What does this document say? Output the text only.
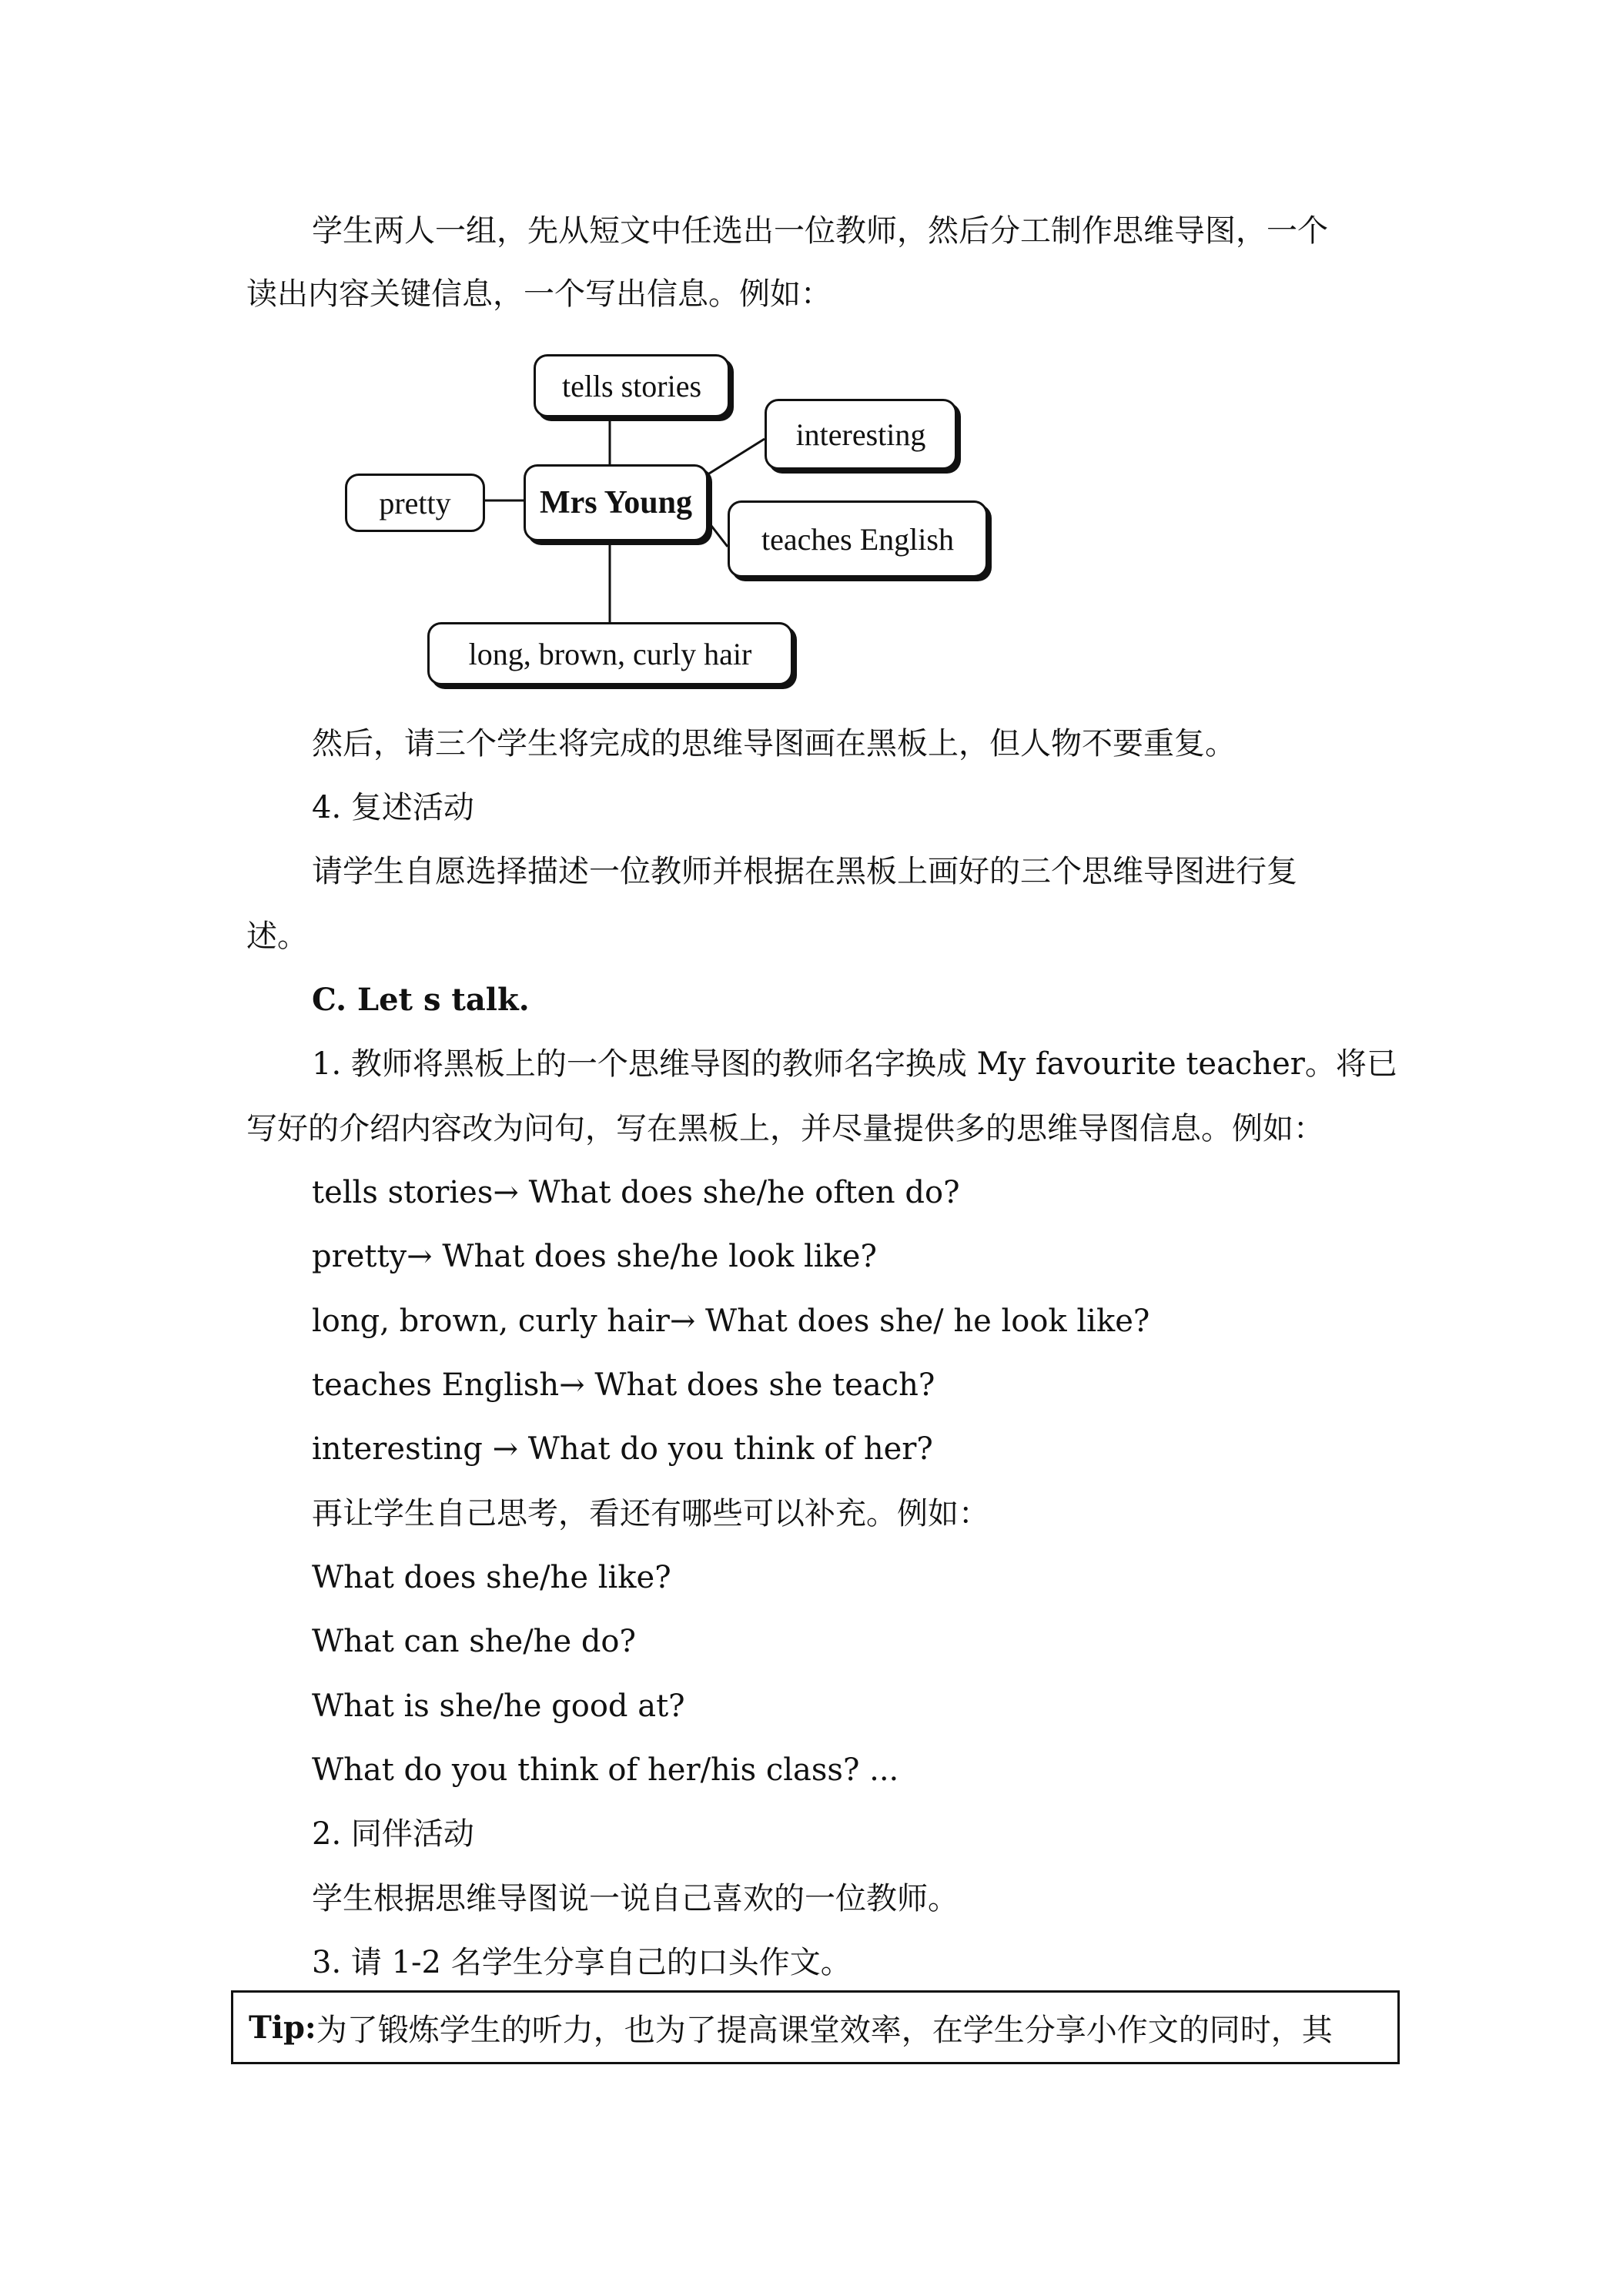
学生两人一组，先从短文中任选出一位教师，然后分工制作思维导图，一个
读出内容关键信息，一个写出信息。例如：
tells stories
interesting
pretty	Mrs Young
teaches English
long, brown, curly hair
然后，请三个学生将完成的思维导图画在黑板上，但人物不要重复。
4. 复述活动
请学生自愿选择描述一位教师并根据在黑板上画好的三个思维导图进行复
述。
C. Let s talk.
1. 教师将黑板上的一个思维导图的教师名字换成 My favourite teacher。将已
写好的介绍内容改为问句，写在黑板上，并尽量提供多的思维导图信息。例如：
tells stories→ What does she/he often do?
pretty→ What does she/he look like?
long, brown, curly hair→ What does she/ he look like?
teaches English→ What does she teach?
interesting → What do you think of her?
再让学生自己思考，看还有哪些可以补充。例如：
What does she/he like?
What can she/he do?
What is she/he good at?
What do you think of her/his class? ...
2. 同伴活动
学生根据思维导图说一说自己喜欢的一位教师。
3. 请 1-2 名学生分享自己的口头作文。
Tip: 为了锻炼学生的听力，也为了提高课堂效率，在学生分享小作文的同时，其
